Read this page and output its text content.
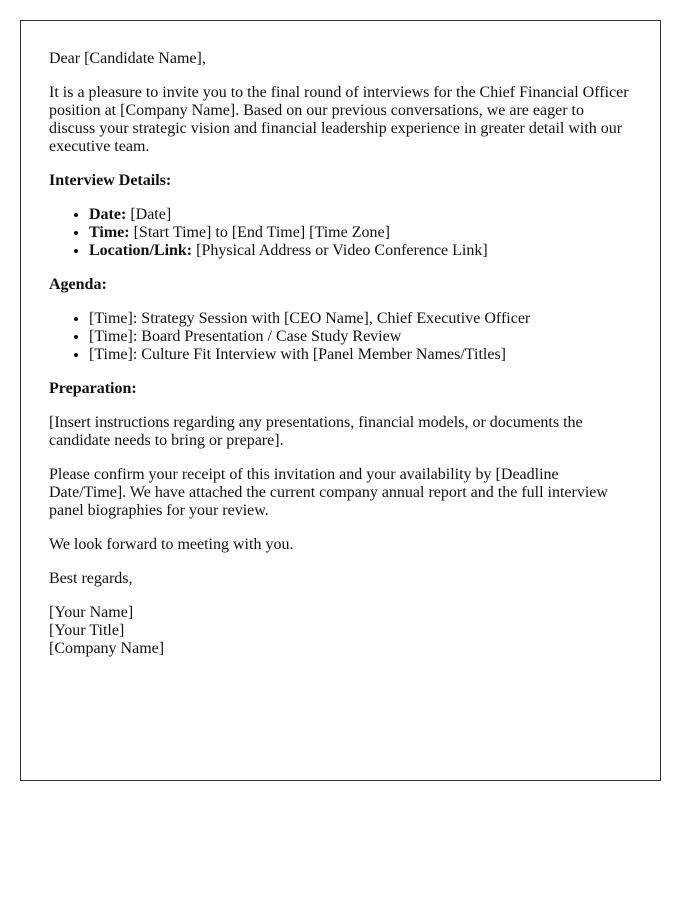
Dear [Candidate Name],

It is a pleasure to invite you to the final round of interviews for the Chief Financial Officer position at [Company Name]. Based on our previous conversations, we are eager to discuss your strategic vision and financial leadership experience in greater detail with our executive team.

Interview Details:
• Date: [Date]
• Time: [Start Time] to [End Time] [Time Zone]
• Location/Link: [Physical Address or Video Conference Link]
Agenda:
• [Time]: Strategy Session with [CEO Name], Chief Executive Officer
• [Time]: Board Presentation / Case Study Review
• [Time]: Culture Fit Interview with [Panel Member Names/Titles]
Preparation:

[Insert instructions regarding any presentations, financial models, or documents the candidate needs to bring or prepare].

Please confirm your receipt of this invitation and your availability by [Deadline Date/Time]. We have attached the current company annual report and the full interview panel biographies for your review.

We look forward to meeting with you.

Best regards,

[Your Name]

[Your Title]

[Company Name]
